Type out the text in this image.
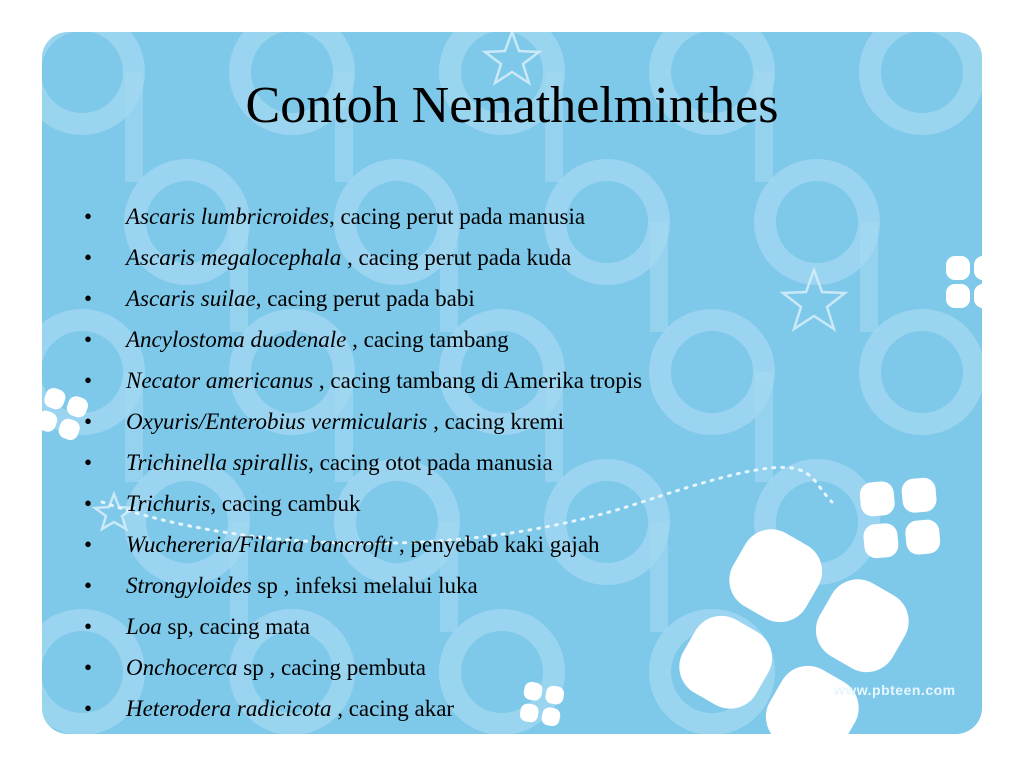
Contoh Nemathelminthes
•	Ascaris lumbricroides, cacing perut pada manusia
•	Ascaris megalocephala , cacing perut pada kuda
•	Ascaris suilae, cacing perut pada babi
•	Ancylostoma duodenale , cacing tambang
•	Necator americanus , cacing tambang di Amerika tropis
•	Oxyuris/Enterobius vermicularis , cacing kremi
•	Trichinella spirallis, cacing otot pada manusia
•	Trichuris, cacing cambuk
•	Wuchereria/Filaria bancrofti , penyebab kaki gajah
•	Strongyloides sp , infeksi melalui luka
•	Loa sp, cacing mata
•	Onchocerca sp , cacing pembuta
•	Heterodera radicicota , cacing akar
www.pbteen.com
